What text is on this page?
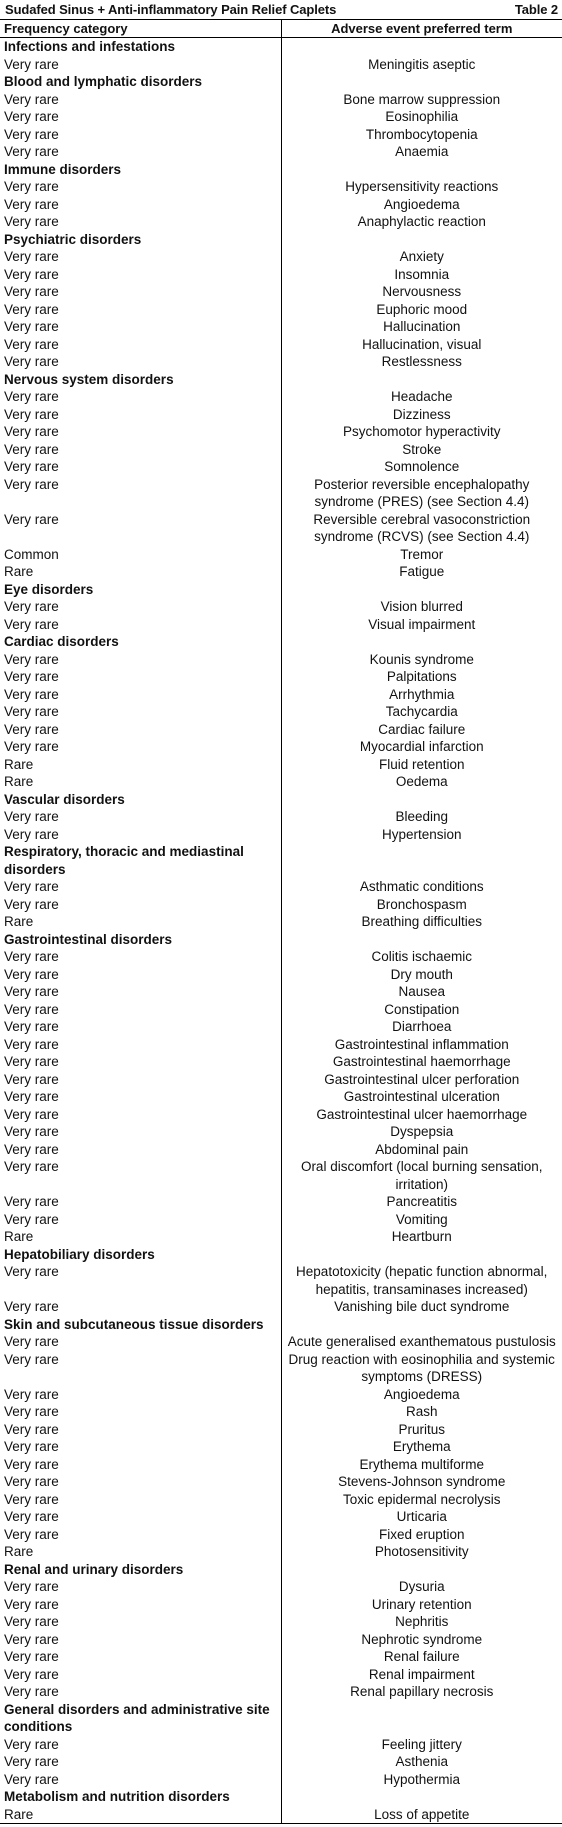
Sudafed Sinus + Anti-inflammatory Pain Relief Caplets	Table 2
Frequency category	Adverse event preferred term
Infections and infestations	
Very rare	Meningitis aseptic
Blood and lymphatic disorders	
Very rare	Bone marrow suppression
Very rare	Eosinophilia
Very rare	Thrombocytopenia
Very rare	Anaemia
Immune disorders	
Very rare	Hypersensitivity reactions
Very rare	Angioedema
Very rare	Anaphylactic reaction
Psychiatric disorders	
Very rare	Anxiety
Very rare	Insomnia
Very rare	Nervousness
Very rare	Euphoric mood
Very rare	Hallucination
Very rare	Hallucination, visual
Very rare	Restlessness
Nervous system disorders	
Very rare	Headache
Very rare	Dizziness
Very rare	Psychomotor hyperactivity
Very rare	Stroke
Very rare	Somnolence
Very rare	Posterior reversible encephalopathy syndrome (PRES) (see Section 4.4)
Very rare	Reversible cerebral vasoconstriction syndrome (RCVS) (see Section 4.4)
Common	Tremor
Rare	Fatigue
Eye disorders	
Very rare	Vision blurred
Very rare	Visual impairment
Cardiac disorders	
Very rare	Kounis syndrome
Very rare	Palpitations
Very rare	Arrhythmia
Very rare	Tachycardia
Very rare	Cardiac failure
Very rare	Myocardial infarction
Rare	Fluid retention
Rare	Oedema
Vascular disorders	
Very rare	Bleeding
Very rare	Hypertension
Respiratory, thoracic and mediastinal disorders	
Very rare	Asthmatic conditions
Very rare	Bronchospasm
Rare	Breathing difficulties
Gastrointestinal disorders	
Very rare	Colitis ischaemic
Very rare	Dry mouth
Very rare	Nausea
Very rare	Constipation
Very rare	Diarrhoea
Very rare	Gastrointestinal inflammation
Very rare	Gastrointestinal haemorrhage
Very rare	Gastrointestinal ulcer perforation
Very rare	Gastrointestinal ulceration
Very rare	Gastrointestinal ulcer haemorrhage
Very rare	Dyspepsia
Very rare	Abdominal pain
Very rare	Oral discomfort (local burning sensation, irritation)
Very rare	Pancreatitis
Very rare	Vomiting
Rare	Heartburn
Hepatobiliary disorders	
Very rare	Hepatotoxicity (hepatic function abnormal, hepatitis, transaminases increased)
Very rare	Vanishing bile duct syndrome
Skin and subcutaneous tissue disorders	
Very rare	Acute generalised exanthematous pustulosis
Very rare	Drug reaction with eosinophilia and systemic symptoms (DRESS)
Very rare	Angioedema
Very rare	Rash
Very rare	Pruritus
Very rare	Erythema
Very rare	Erythema multiforme
Very rare	Stevens-Johnson syndrome
Very rare	Toxic epidermal necrolysis
Very rare	Urticaria
Very rare	Fixed eruption
Rare	Photosensitivity
Renal and urinary disorders	
Very rare	Dysuria
Very rare	Urinary retention
Very rare	Nephritis
Very rare	Nephrotic syndrome
Very rare	Renal failure
Very rare	Renal impairment
Very rare	Renal papillary necrosis
General disorders and administrative site conditions	
Very rare	Feeling jittery
Very rare	Asthenia
Very rare	Hypothermia
Metabolism and nutrition disorders	
Rare	Loss of appetite
